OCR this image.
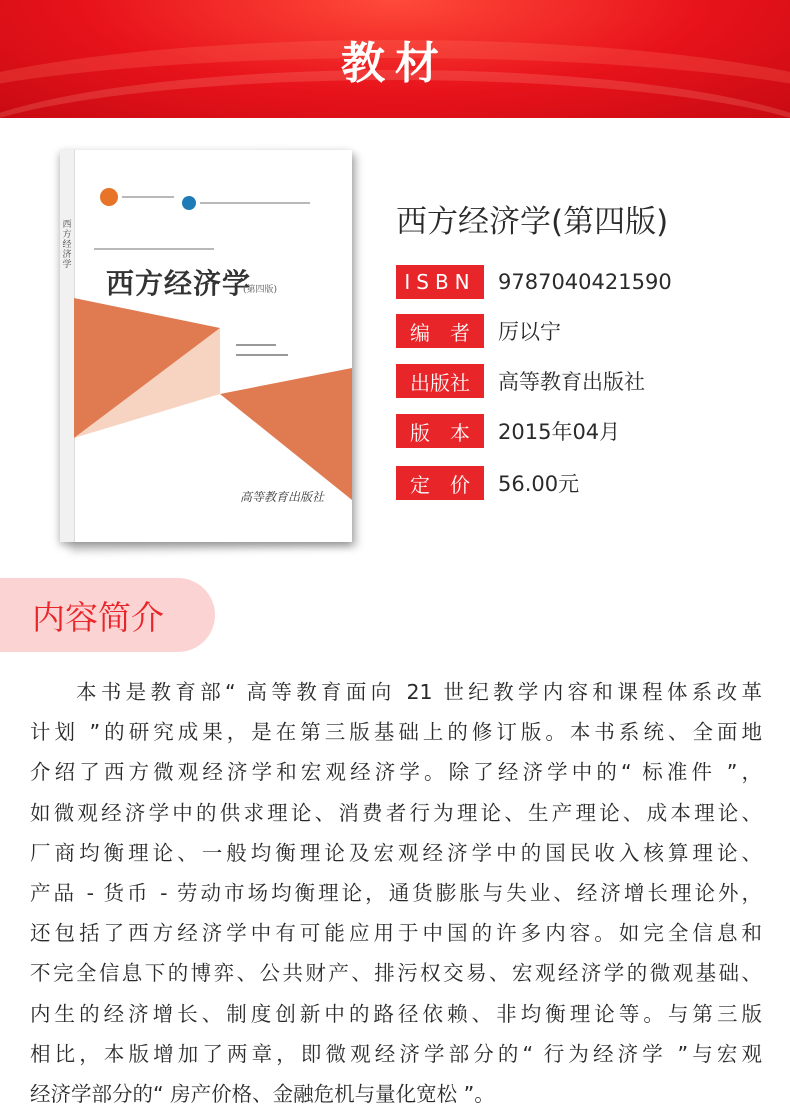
教材
西方经济学
西方经济学
(第四版)
高等教育出版社
西方经济学(第四版)
ISBN	9787040421590
编　者	厉以宁
出版社	高等教育出版社
版　本	2015年04月
定　价	56.00元
内容简介
本书是教育部“ 高等教育面向 21 世纪教学内容和课程体系改革
计划 ”的研究成果，是在第三版基础上的修订版。本书系统、全面地
介绍了西方微观经济学和宏观经济学。除了经济学中的“ 标准件 ”，
如微观经济学中的供求理论、消费者行为理论、生产理论、成本理论、
厂商均衡理论、一般均衡理论及宏观经济学中的国民收入核算理论、
产品 - 货币 - 劳动市场均衡理论，通货膨胀与失业、经济增长理论外，
还包括了西方经济学中有可能应用于中国的许多内容。如完全信息和
不完全信息下的博弈、公共财产、排污权交易、宏观经济学的微观基础、
内生的经济增长、制度创新中的路径依赖、非均衡理论等。与第三版
相比，本版增加了两章，即微观经济学部分的“ 行为经济学 ”与宏观
经济学部分的“ 房产价格、金融危机与量化宽松 ”。
